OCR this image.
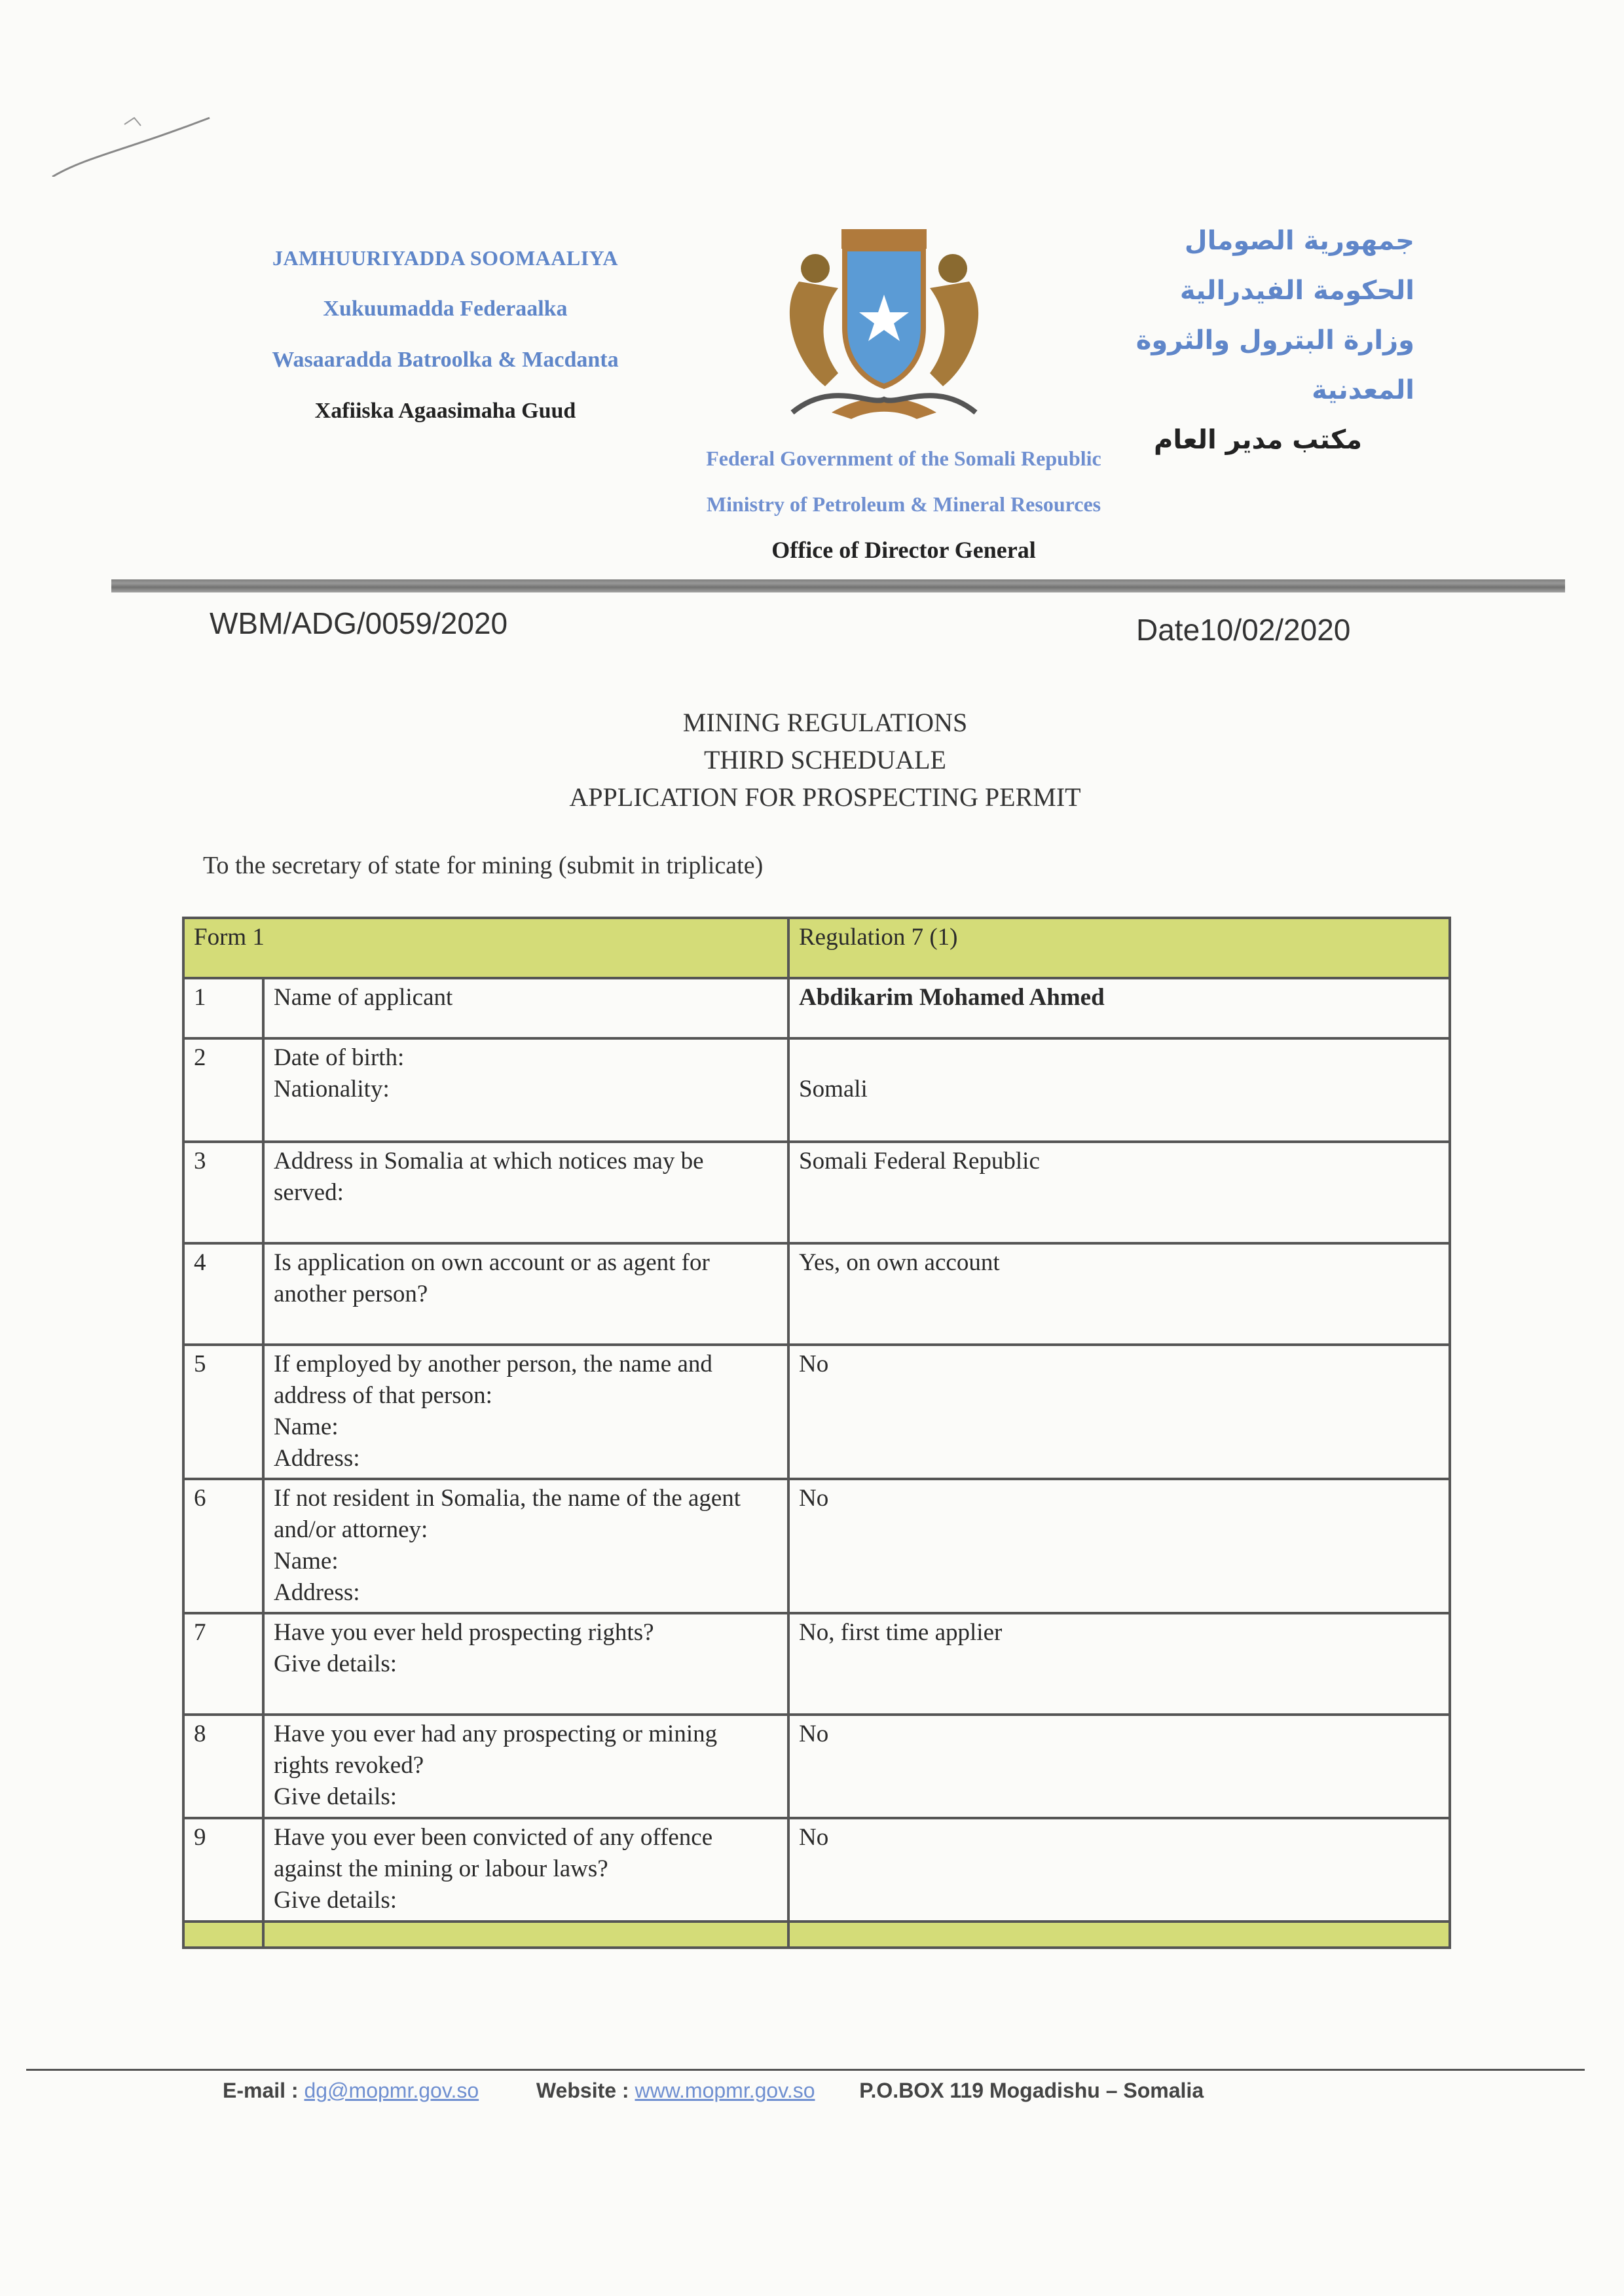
JAMHUURIYADDA SOOMAALIYA
Xukuumadda Federaalka
Wasaaradda Batroolka & Macdanta
Xafiiska Agaasimaha Guud
جمهورية الصومال
الحكومة الفيدرالية
وزارة البترول والثروة المعدنية
مكتب مدير العام
Federal Government of the Somali Republic
Ministry of Petroleum & Mineral Resources
Office of Director General
WBM/ADG/0059/2020	Date10/02/2020
MINING REGULATIONS
THIRD SCHEDUALE
APPLICATION FOR PROSPECTING PERMIT
To the secretary of state for mining (submit in triplicate)
Form 1		Regulation 7 (1)
1	Name of applicant	Abdikarim Mohamed Ahmed
2	Date of birth:
Nationality:	Somali

3	Address in Somalia at which notices may be served:	Somali Federal Republic
4	Is application on own account or as agent for another person?	Yes, on own account
5	If employed by another person, the name and address of that person:
Name:
Address:	No
6	If not resident in Somalia, the name of the agent and/or attorney:
Name:
Address:	No
7	Have you ever held prospecting rights?
Give details:	No, first time applier
8	Have you ever had any prospecting or mining rights revoked?
Give details:	No
9	Have you ever been convicted of any offence against the mining or labour laws?
Give details:	No

E-mail : dg@mopmr.gov.so	Website : www.mopmr.gov.so P.O.BOX 119 Mogadishu – Somalia
